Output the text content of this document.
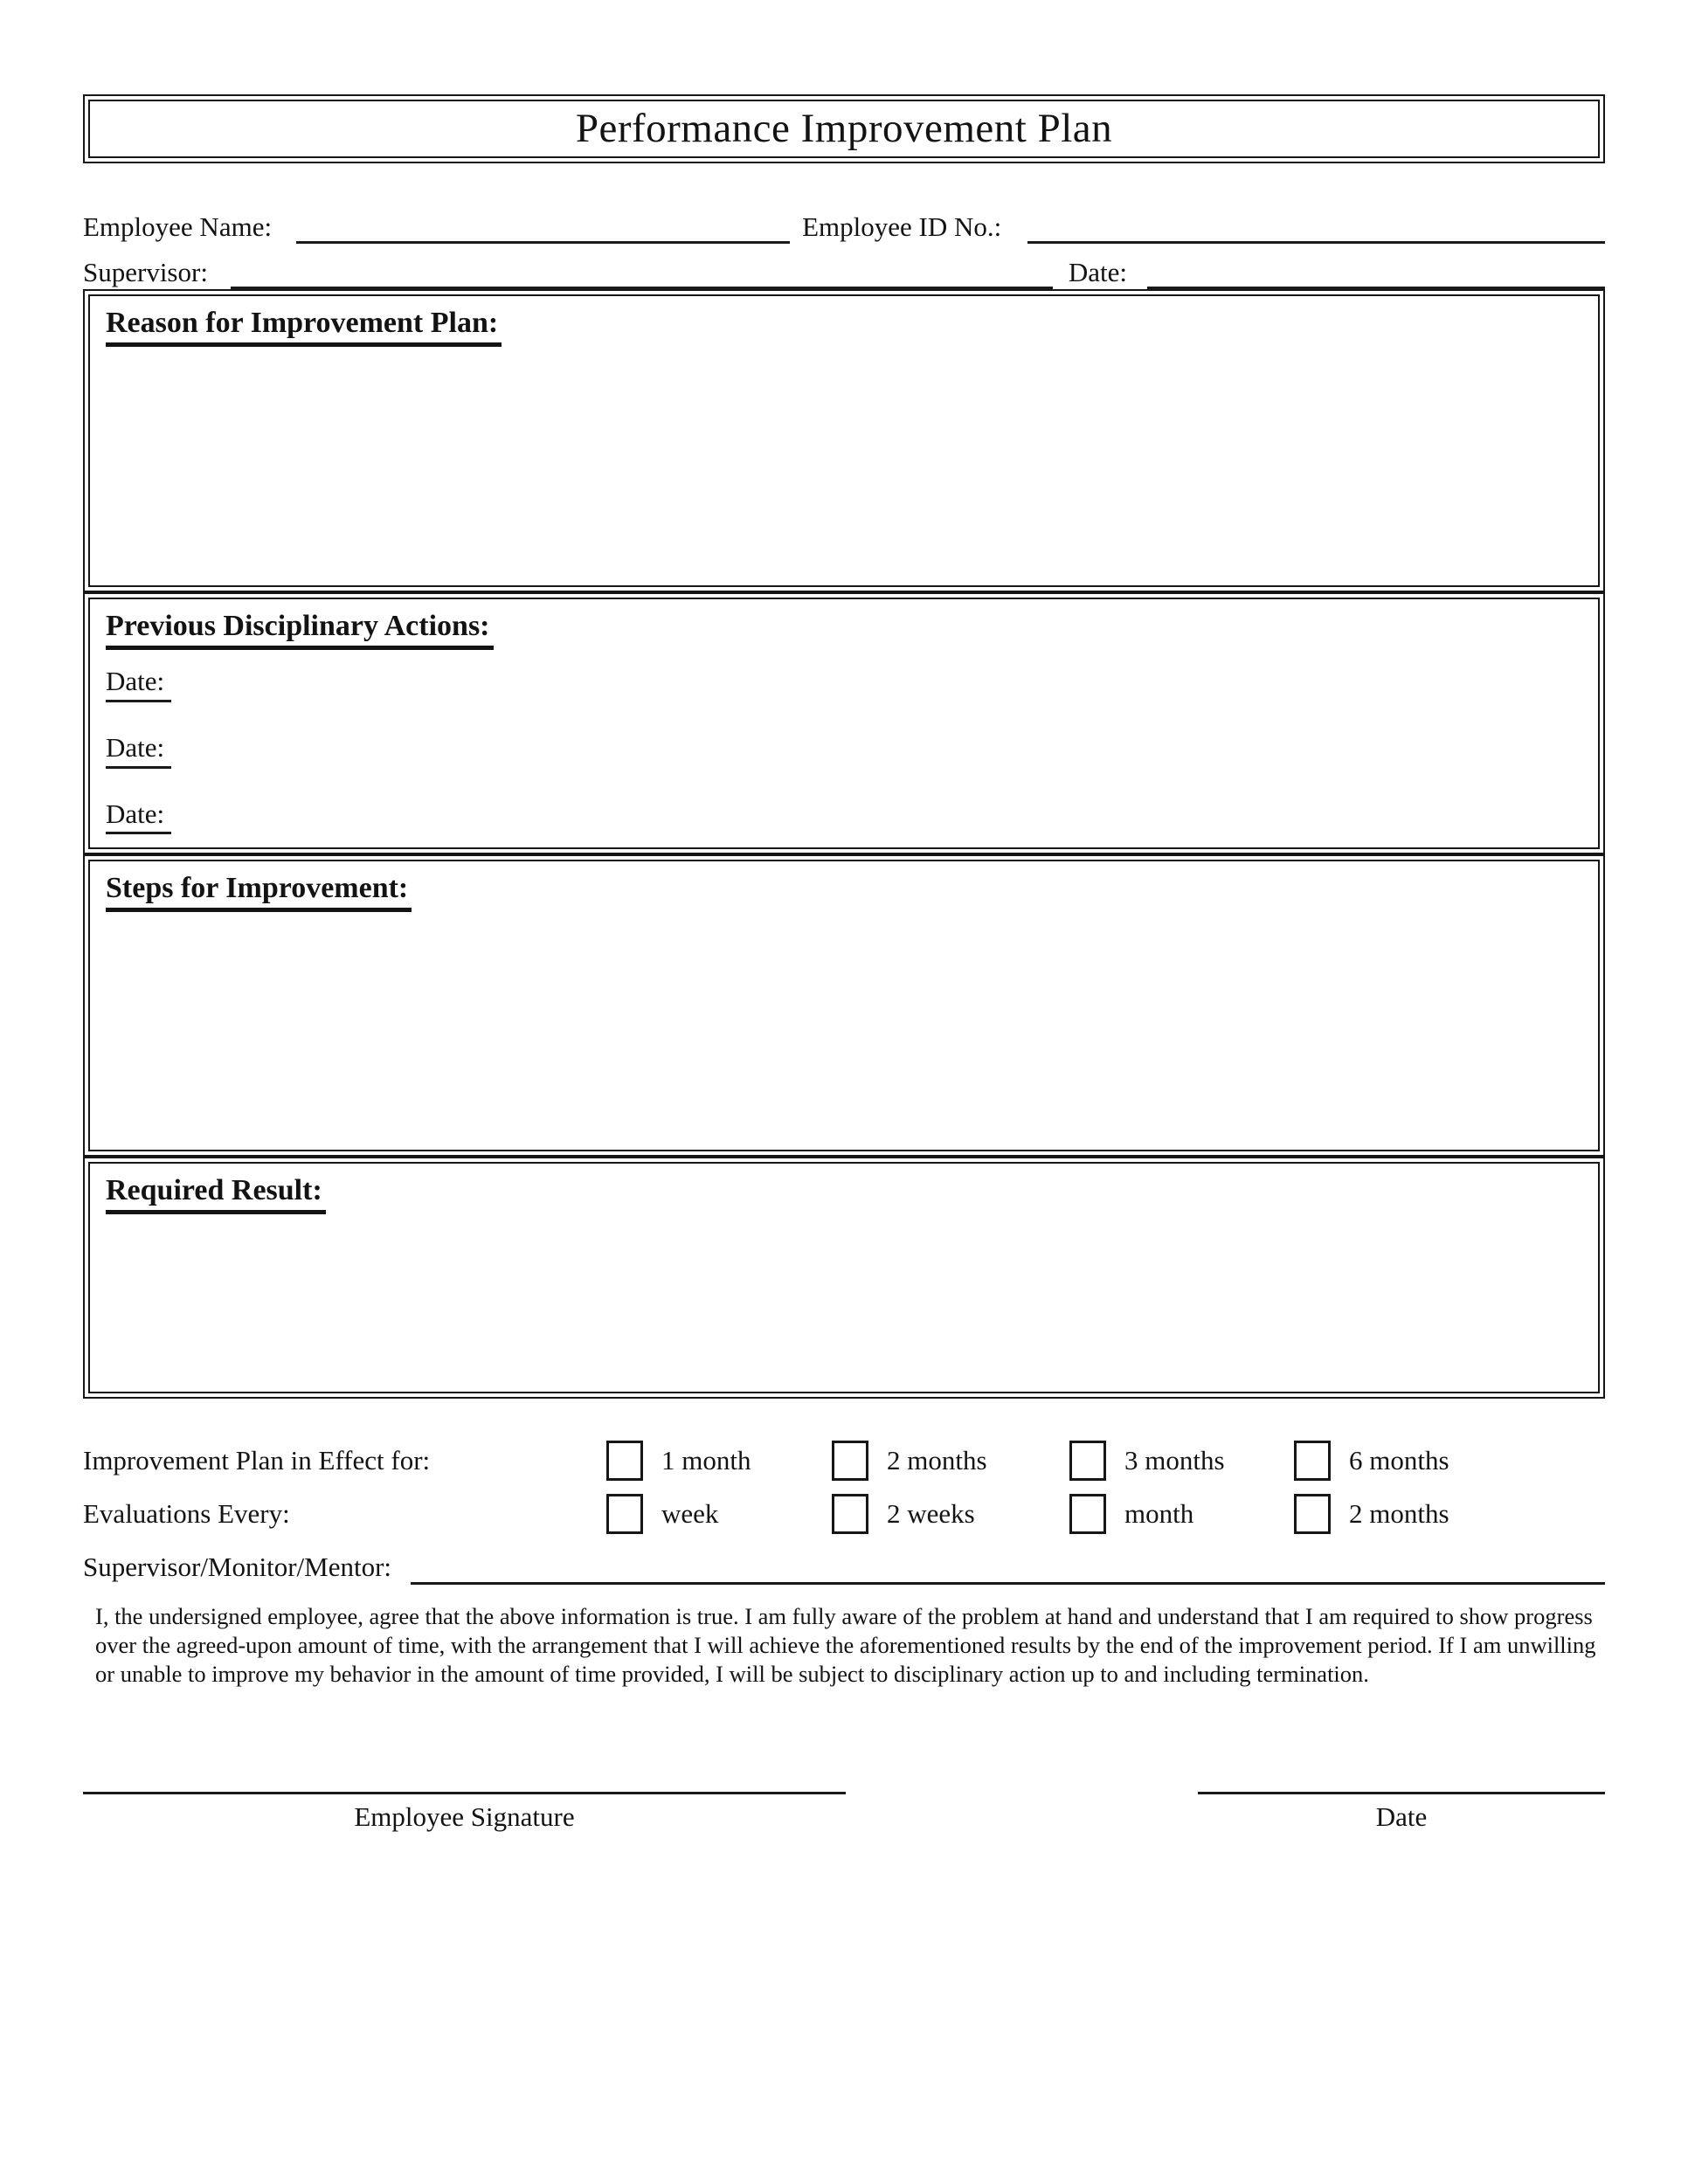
Performance Improvement Plan
Employee Name:	Employee ID No.:
Supervisor:	Date:
Reason for Improvement Plan:
Previous Disciplinary Actions:
Date:
Date:
Date:
Steps for Improvement:
Required Result:
Improvement Plan in Effect for:	1 month	2 months	3 months	6 months
Evaluations Every:	week	2 weeks	month	2 months
Supervisor/Monitor/Mentor:

I, the undersigned employee, agree that the above information is true. I am fully aware of the problem at hand and understand that I am required to show progress over the agreed-upon amount of time, with the arrangement that I will achieve the aforementioned results by the end of the improvement period. If I am unwilling or unable to improve my behavior in the amount of time provided, I will be subject to disciplinary action up to and including termination.

Employee Signature	Date
